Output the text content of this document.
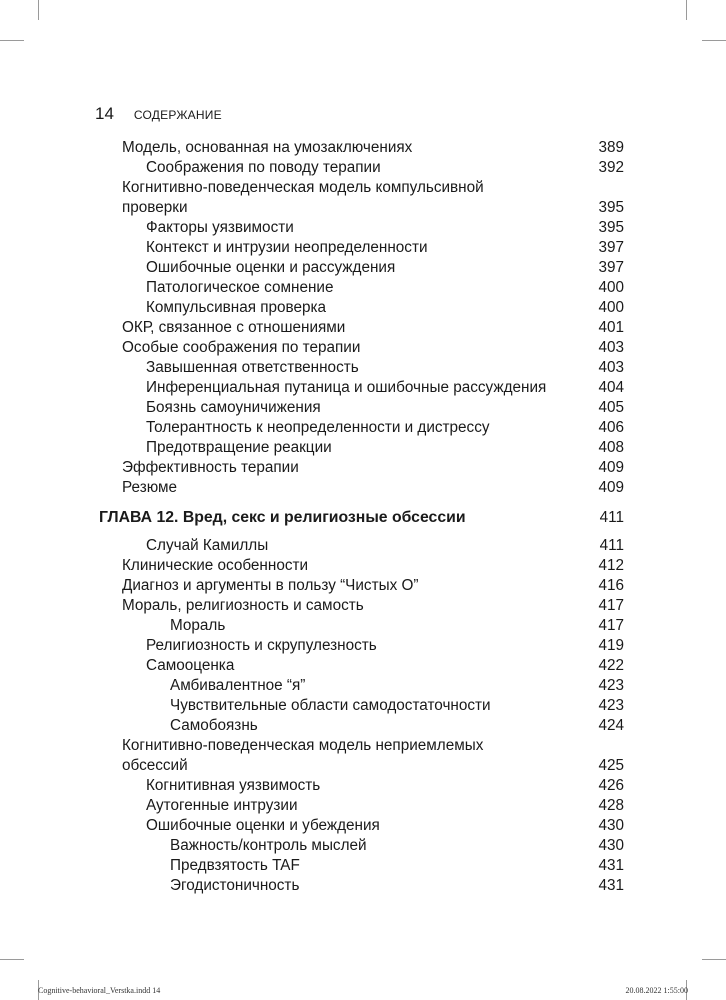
14 СОДЕРЖАНИЕ
Модель, основанная на умозаключениях	389
Соображения по поводу терапии	392
Когнитивно-поведенческая модель компульсивной
проверки	395
Факторы уязвимости	395
Контекст и интрузии неопределенности	397
Ошибочные оценки и рассуждения	397
Патологическое сомнение	400
Компульсивная проверка	400
ОКР, связанное с отношениями	401
Особые соображения по терапии	403
Завышенная ответственность	403
Инференциальная путаница и ошибочные рассуждения	404
Боязнь самоуничижения	405
Толерантность к неопределенности и дистрессу	406
Предотвращение реакции	408
Эффективность терапии	409
Резюме	409
ГЛАВА 12. Вред, секс и религиозные обсессии	411
Случай Камиллы	411
Клинические особенности	412
Диагноз и аргументы в пользу “Чистых О”	416
Мораль, религиозность и самость	417
Мораль	417
Религиозность и скрупулезность	419
Самооценка	422
Амбивалентное “я”	423
Чувствительные области самодостаточности	423
Самобоязнь	424
Когнитивно-поведенческая модель неприемлемых
обсессий	425
Когнитивная уязвимость	426
Аутогенные интрузии	428
Ошибочные оценки и убеждения	430
Важность/контроль мыслей	430
Предвзятость TAF	431
Эгодистоничность	431
Cognitive-behavioral_Verstka.indd 14	20.08.2022 1:55:00
